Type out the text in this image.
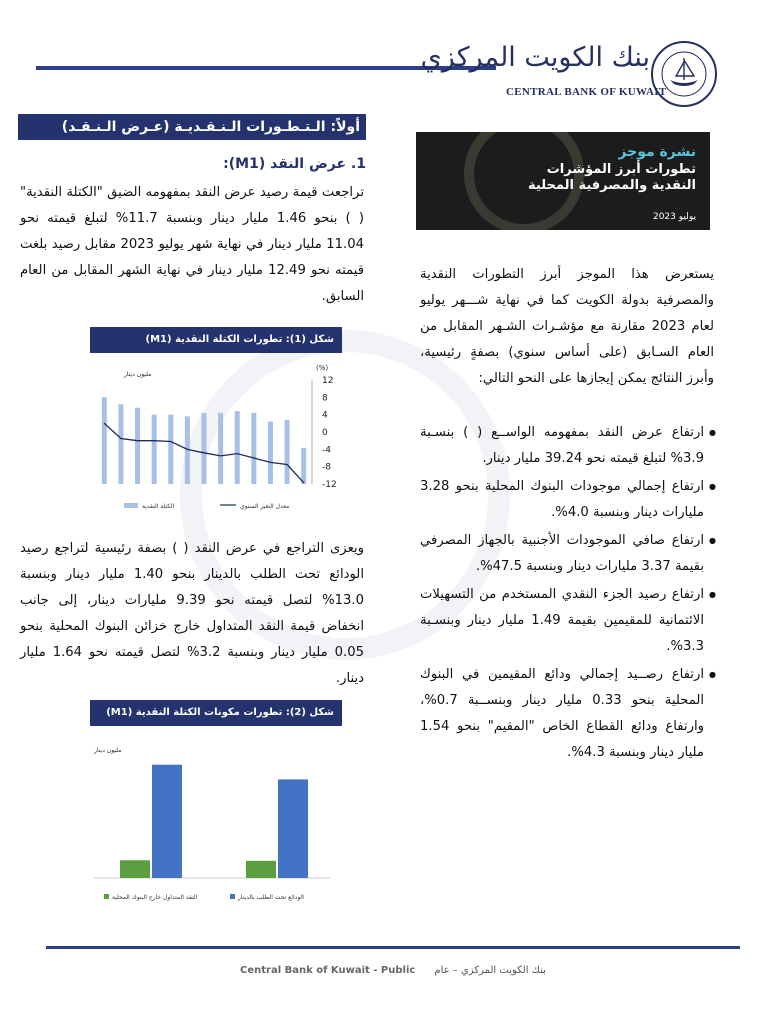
بنك الكويت المركزي
CENTRAL BANK OF KUWAIT
أولاً: الـتـطـورات الـنـقـديـة (عـرض الـنـقـد)
1. عرض النقد (M1):
تراجعت قيمة رصيد عرض النقد بمفهومه الضيق "الكتلة النقدية" ( ) بنحو 1.46 مليار دينار وبنسبة 11.7% لتبلغ قيمته نحو 11.04 مليار دينار في نهاية شهر يوليو 2023 مقابل رصيد بلغت قيمته نحو 12.49 مليار دينار في نهاية الشهر المقابل من العام السابق.
نشرة موجز
تطورات أبرز المؤشرات النقدية والمصرفية المحلية
يوليو 2023
يستعرض هذا الموجز أبرز التطورات النقدية والمصرفية بدولة الكويت كما في نهاية شـــهر يوليو لعام 2023 مقارنة مع مؤشـرات الشـهر المقابل من العام السـابق (على أساس سنوي) بصفةٍ رئيسية، وأبرز النتائج يمكن إيجازها على النحو التالي:
● ارتفاع عرض النقد بمفهومه الواســع ( ) بنسـبة 3.9% لتبلغ قيمته نحو 39.24 مليار دينار.
● ارتفاع إجمالي موجودات البنوك المحلية بنحو 3.28 مليارات دينار وبنسبة 4.0%.
● ارتفاع صافي الموجودات الأجنبية بالجهاز المصرفي بقيمة 3.37 مليارات دينار وبنسبة 47.5%.
● ارتفاع رصيد الجزء النقدي المستخدم من التسهيلات الائتمانية للمقيمين بقيمة 1.49 مليار دينار وبنسـبة 3.3%.
● ارتفاع رصــيد إجمالي ودائع المقيمين في البنوك المحلية بنحو 0.33 مليار دينار وبنســبة 0.7%، وارتفاع ودائع القطاع الخاص "المقيم" بنحو 1.54 مليار دينار وبنسبة 4.3%.
شكل (1): تطورات الكتلة النقدية (M1)
مليون دينار
(%)
12
8
4
0
-4
-8
-12
الكتلة النقدية	معدل التغير السنوي
ويعزى التراجع في عرض النقد ( ) بصفة رئيسية لتراجع رصيد الودائع تحت الطلب بالدينار بنحو 1.40 مليار دينار وبنسبة 13.0% لتصل قيمته نحو 9.39 مليارات دينار، إلى جانب انخفاض قيمة النقد المتداول خارج خزائن البنوك المحلية بنحو 0.05 مليار دينار وبنسبة 3.2% لتصل قيمته نحو 1.64 مليار دينار.
شكل (2): تطورات مكونات الكتلة النقدية (M1)
مليون دينار
النقد المتداول خارج البنوك المحلية	الودائع تحت الطلب بالدينار
Central Bank of Kuwait - Public بنك الكويت المركزي – عام
